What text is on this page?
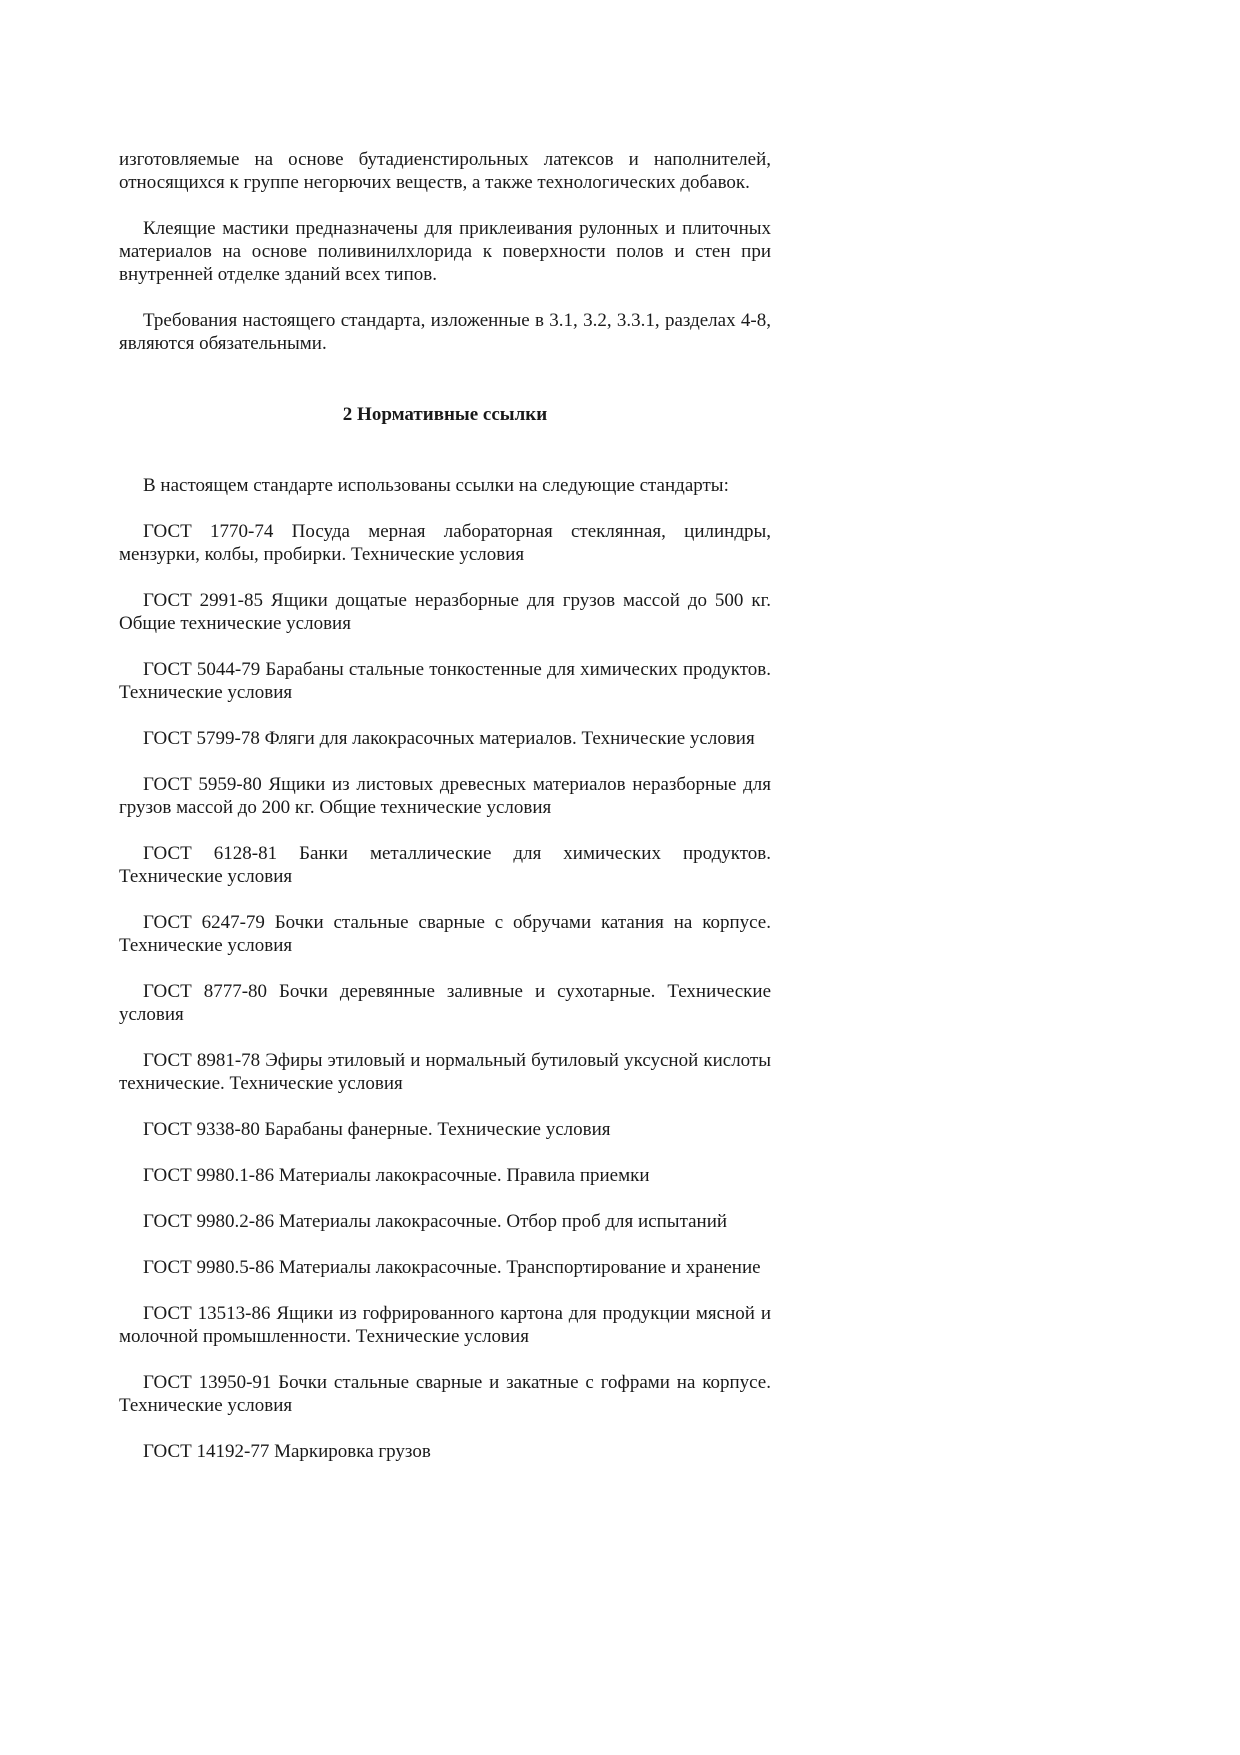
изготовляемые на основе бутадиенстирольных латексов и наполнителей, относящихся к группе негорючих веществ, а также технологических добавок.

Клеящие мастики предназначены для приклеивания рулонных и плиточных материалов на основе поливинилхлорида к поверхности полов и стен при внутренней отделке зданий всех типов.

Требования настоящего стандарта, изложенные в 3.1, 3.2, 3.3.1, разделах 4-8, являются обязательными.

2 Нормативные ссылки

В настоящем стандарте использованы ссылки на следующие стандарты:

ГОСТ 1770-74 Посуда мерная лабораторная стеклянная, цилиндры, мензурки, колбы, пробирки. Технические условия

ГОСТ 2991-85 Ящики дощатые неразборные для грузов массой до 500 кг. Общие технические условия

ГОСТ 5044-79 Барабаны стальные тонкостенные для химических продуктов. Технические условия

ГОСТ 5799-78 Фляги для лакокрасочных материалов. Технические условия

ГОСТ 5959-80 Ящики из листовых древесных материалов неразборные для грузов массой до 200 кг. Общие технические условия

ГОСТ 6128-81 Банки металлические для химических продуктов. Технические условия

ГОСТ 6247-79 Бочки стальные сварные с обручами катания на корпусе. Технические условия

ГОСТ 8777-80 Бочки деревянные заливные и сухотарные. Технические условия

ГОСТ 8981-78 Эфиры этиловый и нормальный бутиловый уксусной кислоты технические. Технические условия

ГОСТ 9338-80 Барабаны фанерные. Технические условия

ГОСТ 9980.1-86 Материалы лакокрасочные. Правила приемки

ГОСТ 9980.2-86 Материалы лакокрасочные. Отбор проб для испытаний

ГОСТ 9980.5-86 Материалы лакокрасочные. Транспортирование и хранение

ГОСТ 13513-86 Ящики из гофрированного картона для продукции мясной и молочной промышленности. Технические условия

ГОСТ 13950-91 Бочки стальные сварные и закатные с гофрами на корпусе. Технические условия

ГОСТ 14192-77 Маркировка грузов
